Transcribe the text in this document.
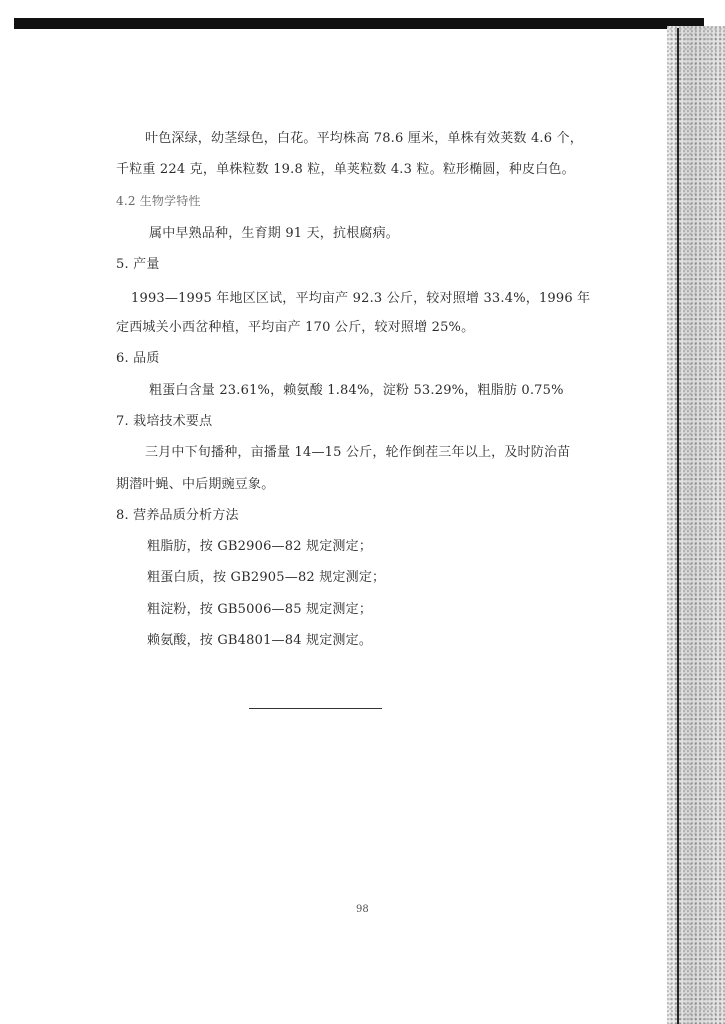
叶色深绿，幼茎绿色，白花。平均株高 78.6 厘米，单株有效荚数 4.6 个，
千粒重 224 克，单株粒数 19.8 粒，单荚粒数 4.3 粒。粒形椭圆，种皮白色。
4.2 生物学特性
属中早熟品种，生育期 91 天，抗根腐病。
5. 产量
1993—1995 年地区区试，平均亩产 92.3 公斤，较对照增 33.4%，1996 年
定西城关小西岔种植，平均亩产 170 公斤，较对照增 25%。
6. 品质
粗蛋白含量 23.61%，赖氨酸 1.84%，淀粉 53.29%，粗脂肪 0.75%
7. 栽培技术要点
三月中下旬播种，亩播量 14—15 公斤，轮作倒茬三年以上，及时防治苗
期潜叶蝇、中后期豌豆象。
8. 营养品质分析方法
粗脂肪，按 GB2906—82 规定测定；
粗蛋白质，按 GB2905—82 规定测定；
粗淀粉，按 GB5006—85 规定测定；
赖氨酸，按 GB4801—84 规定测定。
98
